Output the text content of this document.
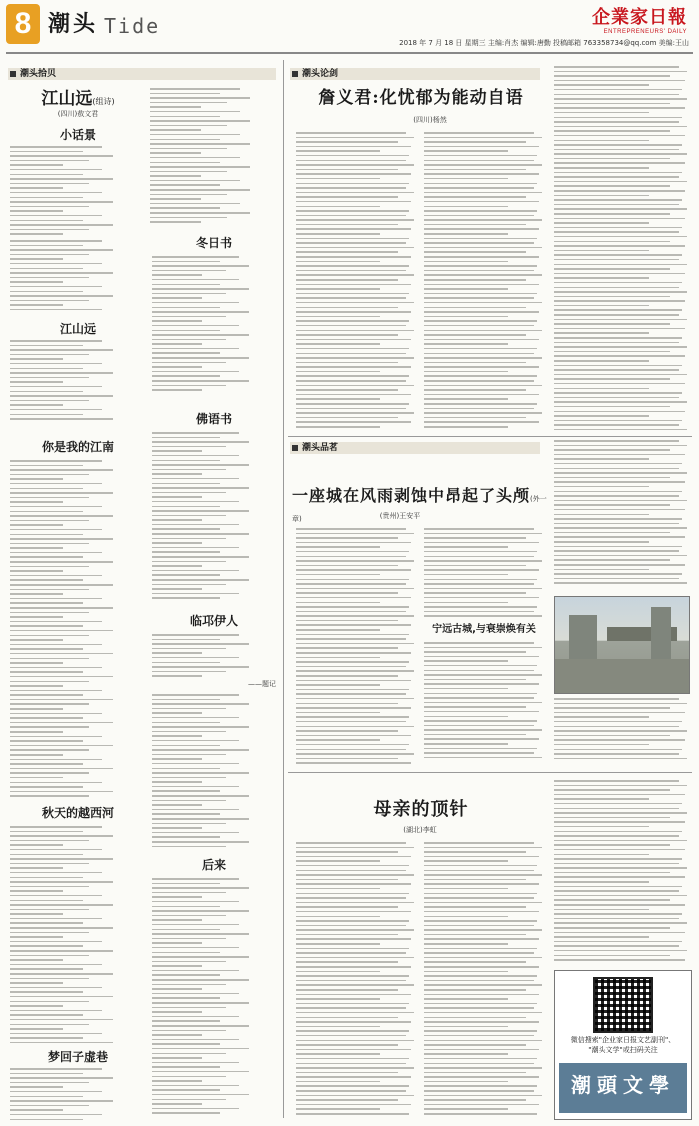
8 潮头 Tide	企業家日報
ENTREPRENEURS' DAILY
2018 年 7 月 18 日 星期三 主编:肖杰 编辑:唐勤 投稿邮箱 763358734@qq.com 美编:王山
潮头拾贝
江山远(组诗)
(四川)敖文君
小话景
江山远
你是我的江南
秋天的越西河
梦回子虚巷
冬日书
佛语书
临邛伊人
——题记
后来
潮头论剑
詹义君:化忧郁为能动自语
(四川)杨然
潮头品茗
一座城在风雨剥蚀中昂起了头颅(外一章)	(贵州)王安平
宁远古城,与衰崇焕有关
母亲的顶针
(湖北)李虹
微信搜索"企业家日报文艺副刊"、
"潮头文学"或扫码关注
潮頭文學
